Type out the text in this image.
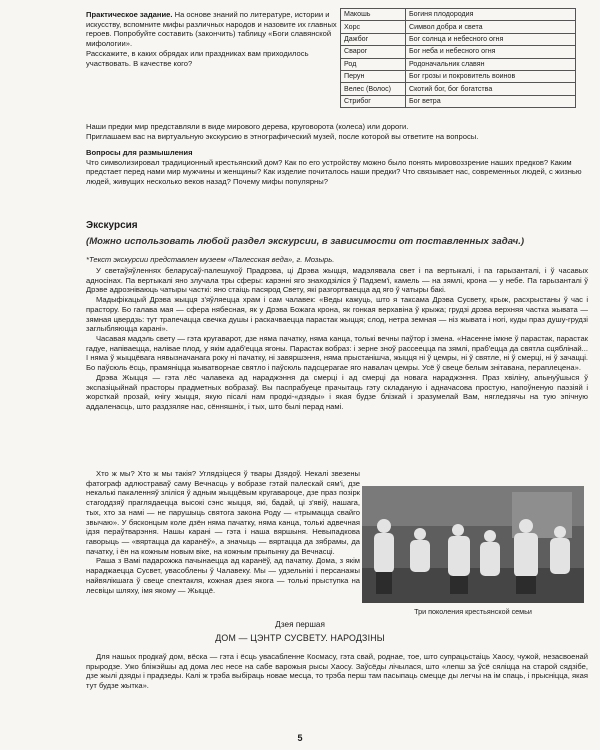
Практическое задание. На основе знаний по литературе, истории и искусству, вспомните мифы различных народов и назовите их главных героев. Попробуйте составить (закончить) таблицу «Боги славянской мифологии».

Расскажите, в каких обрядах или праздниках вам приходилось участвовать. В качестве кого?

Макошь	Богиня плодородия
Хорс	Символ добра и света
Дажбог	Бог солнца и небесного огня
Сварог	Бог неба и небесного огня
Род	Родоначальник славян
Перун	Бог грозы и покровитель воинов
Велес (Волос)	Скотий бог, бог богатства
Стрибог	Бог ветра

Наши предки мир представляли в виде мирового дерева, круговорота (колеса) или дороги.

Приглашаем вас на виртуальную экскурсию в этнографический музей, после которой вы ответите на вопросы.

Вопросы для размышления

Что символизировал традиционный крестьянский дом? Как по его устройству можно было понять мировоззрение наших предков? Каким предстает перед нами мир мужчины и женщины? Как изделие почиталось наши предки? Что связывает нас, современных людей, с жизнью людей, живущих несколько веков назад? Почему мифы популярны?

Экскурсия
(Можно использовать любой раздел экскурсии, в зависимости от поставленных задач.)
*Текст экскурсии представлен музеем «Палесская веда», г. Мозырь.

У светаўяўленнях беларусаў-палешукоў Прадрэва, ці Дрэва жыцця, мадэлявала свет і па вертыкалі, і па гарызанталі, і ў часавых адносінах. Па вертыкалі яно злучала тры сферы: карэнні яго знаходзіліся ў Падзем'і, камель — на зямлі, крона — у небе. Па гарызанталі ў Дрэве адрозніваюць чатыры часткі: яно стаіць пасярод Свету, які разгортваецца ад яго ў чатыры бакі.

Мадыфікацый Дрэва жыцця з'яўляецца храм і сам чалавек: «Веды кажуць, што я таксама Дрэва Сусвету, крыж, расхрыстаны ў час і прастору. Бо галава мая — сфера нябесная, як у Дрэва Божага крона, як гонкая верхавіна ў крыжа; грудзі дрэва верхняя частка жывата — зямная цвердзь: тут трапечацца свечка душы і раскачваецца парастак жыцця; слод, нетра земная — ніз жывата і ногі, куды праз душу-грудзі заглыбляюцца карані».

Часавая мадэль свету — гэта кругаварот, дзе няма пачатку, няма канца, толькі вечны паўтор і змена. «Насенне імкне ў парастак, парастак гадуе, напіваецца, налівае плод, у якім адаб'ецца ягоны. Парастак вобраз: і зерне зноў рассеецца па зямлі, праб'ецца да святла сцяблінай... І няма ў жыццёвага нявызначанага року ні пачатку, ні завяршэння, няма прыстанішча, жыцця ні ў цемры, ні ў святле, ні ў смерці, ні ў зачацці. Бо паўсюль ёсць, прамяніцца жыватворнае святло і паўсюль падсцерагае яго навалач цемры. Усё ў свеце белым знітавана, пераплецена».

Дрэва Жыцця — гэта лёс чалавека ад нараджэння да смерці і ад смерці да новага нараджэння. Праз хвіліну, апынуўшыся ў экспазіцыйнай прасторы прадметных вобразаў. Вы паспрабуеце прачытаць гэту складаную і адначасова простую, напоўненую паэзіяй і жорсткай прозай, кнігу жыцця, якую пісалі нам продкі-«дзяды» і якая будзе блізкай і зразумелай Вам, нягледзячы на тую эпічную аддаленасць, што раздзяляе нас, сённяшніх, і тых, што былі перад намі.

Хто ж мы? Хто ж мы такія? Углядзіцеся ў твары Дзядоў. Некалі звезены фатограф адлюстраваў саму Вечнасць у вобразе гэтай палескай сям'і, дзе некалькі пакаленняў зліліся ў адным жыццёвым кругавароце, дзе праз позірк стагоддзяў праглядаецца высокі сэнс жыцця, які, бадай, ці з'явіў, нашага, тых, хто за намі — не парушыць святога закона Роду — «трымацца свайго звычаю». У бясконцым коле дзён няма пачатку, няма канца, толькі адвечная ідзя пераўтварэння. Нашы карані — гэта і наша вяршыня. Невыпадкова гаворыць — «вяртацца да каранёў», а значыць — вяртацца да зябрамы, да пачатку, і ён на кожным новым віке, на кожным прыпынку да Вечнасці.

Раша з Вамі падарожжа пачынаецца ад каранёў, ад пачатку. Дома, з якім нараджаецца Сусвет, увасоблены ў Чалавеку. Мы — удзельнікі і персанажы найвялікшага ў свеце спектакля, кожная дзея якога — толькі прыступка на лесвіцы шляху, імя якому — Жыццё.

Три поколения крестьянской семьи
Дзея першая
ДОМ — ЦЭНТР СУСВЕТУ. НАРОДЗІНЫ

Для нашых продкаў дом, вёска — гэта і ёсць увасабленне Космасу, гэта свай, роднае, тое, што супрацьстаіць Хаосу, чужой, незасвоенай прыродзе. Ужо бліжэйшы ад дома лес несе на сабе варожыя рысы Хаосу. Заўсёды лічылася, што «лепш за ўсё сяліцца на старой сядзібе, дзе жылі дзяды і прадзеды. Калі ж трэба выбіраць новае месца, то трэба перш там пасыпаць смецце ды легчы на ім спаць, і прысніцца, якая тут будзе жытка».

5
